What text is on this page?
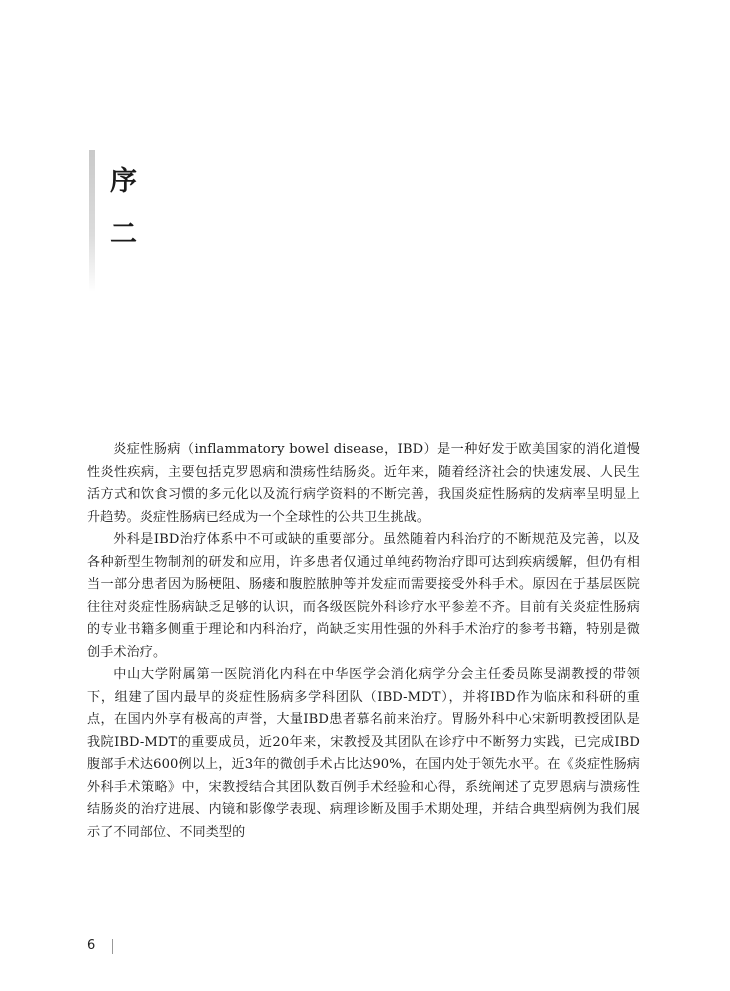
序
二

炎症性肠病（inflammatory bowel disease，IBD）是一种好发于欧美国家的消化道慢性炎性疾病，主要包括克罗恩病和溃疡性结肠炎。近年来，随着经济社会的快速发展、人民生活方式和饮食习惯的多元化以及流行病学资料的不断完善，我国炎症性肠病的发病率呈明显上升趋势。炎症性肠病已经成为一个全球性的公共卫生挑战。

外科是IBD治疗体系中不可或缺的重要部分。虽然随着内科治疗的不断规范及完善，以及各种新型生物制剂的研发和应用，许多患者仅通过单纯药物治疗即可达到疾病缓解，但仍有相当一部分患者因为肠梗阻、肠瘘和腹腔脓肿等并发症而需要接受外科手术。原因在于基层医院往往对炎症性肠病缺乏足够的认识，而各级医院外科诊疗水平参差不齐。目前有关炎症性肠病的专业书籍多侧重于理论和内科治疗，尚缺乏实用性强的外科手术治疗的参考书籍，特别是微创手术治疗。

中山大学附属第一医院消化内科在中华医学会消化病学分会主任委员陈旻湖教授的带领下，组建了国内最早的炎症性肠病多学科团队（IBD-MDT），并将IBD作为临床和科研的重点，在国内外享有极高的声誉，大量IBD患者慕名前来治疗。胃肠外科中心宋新明教授团队是我院IBD-MDT的重要成员，近20年来，宋教授及其团队在诊疗中不断努力实践，已完成IBD腹部手术达600例以上，近3年的微创手术占比达90%，在国内处于领先水平。在《炎症性肠病外科手术策略》中，宋教授结合其团队数百例手术经验和心得，系统阐述了克罗恩病与溃疡性结肠炎的治疗进展、内镜和影像学表现、病理诊断及围手术期处理，并结合典型病例为我们展示了不同部位、不同类型的

6
